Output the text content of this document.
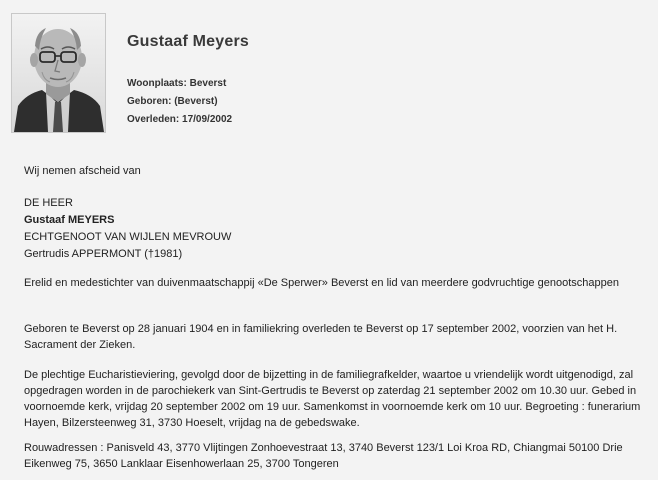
Gustaaf Meyers
Woonplaats: Beverst
Geboren: (Beverst)
Overleden: 17/09/2002
Wij nemen afscheid van
DE HEER
Gustaaf MEYERS
ECHTGENOOT VAN WIJLEN MEVROUW
Gertrudis APPERMONT (†1981)
Erelid en medestichter van duivenmaatschappij «De Sperwer» Beverst en lid van meerdere godvruchtige genootschappen
Geboren te Beverst op 28 januari 1904 en in familiekring overleden te Beverst op 17 september 2002, voorzien van het H. Sacrament der Zieken.
De plechtige Eucharistieviering, gevolgd door de bijzetting in de familiegrafkelder, waartoe u vriendelijk wordt uitgenodigd, zal opgedragen worden in de parochiekerk van Sint-Gertrudis te Beverst op zaterdag 21 september 2002 om 10.30 uur. Gebed in voornoemde kerk, vrijdag 20 september 2002 om 19 uur. Samenkomst in voornoemde kerk om 10 uur. Begroeting : funerarium Hayen, Bilzersteenweg 31, 3730 Hoeselt, vrijdag na de gebedswake.
Rouwadressen : Panisveld 43, 3770 Vlijtingen Zonhoevestraat 13, 3740 Beverst 123/1 Loi Kroa RD, Chiangmai 50100 Drie Eikenweg 75, 3650 Lanklaar Eisenhowerlaan 25, 3700 Tongeren
